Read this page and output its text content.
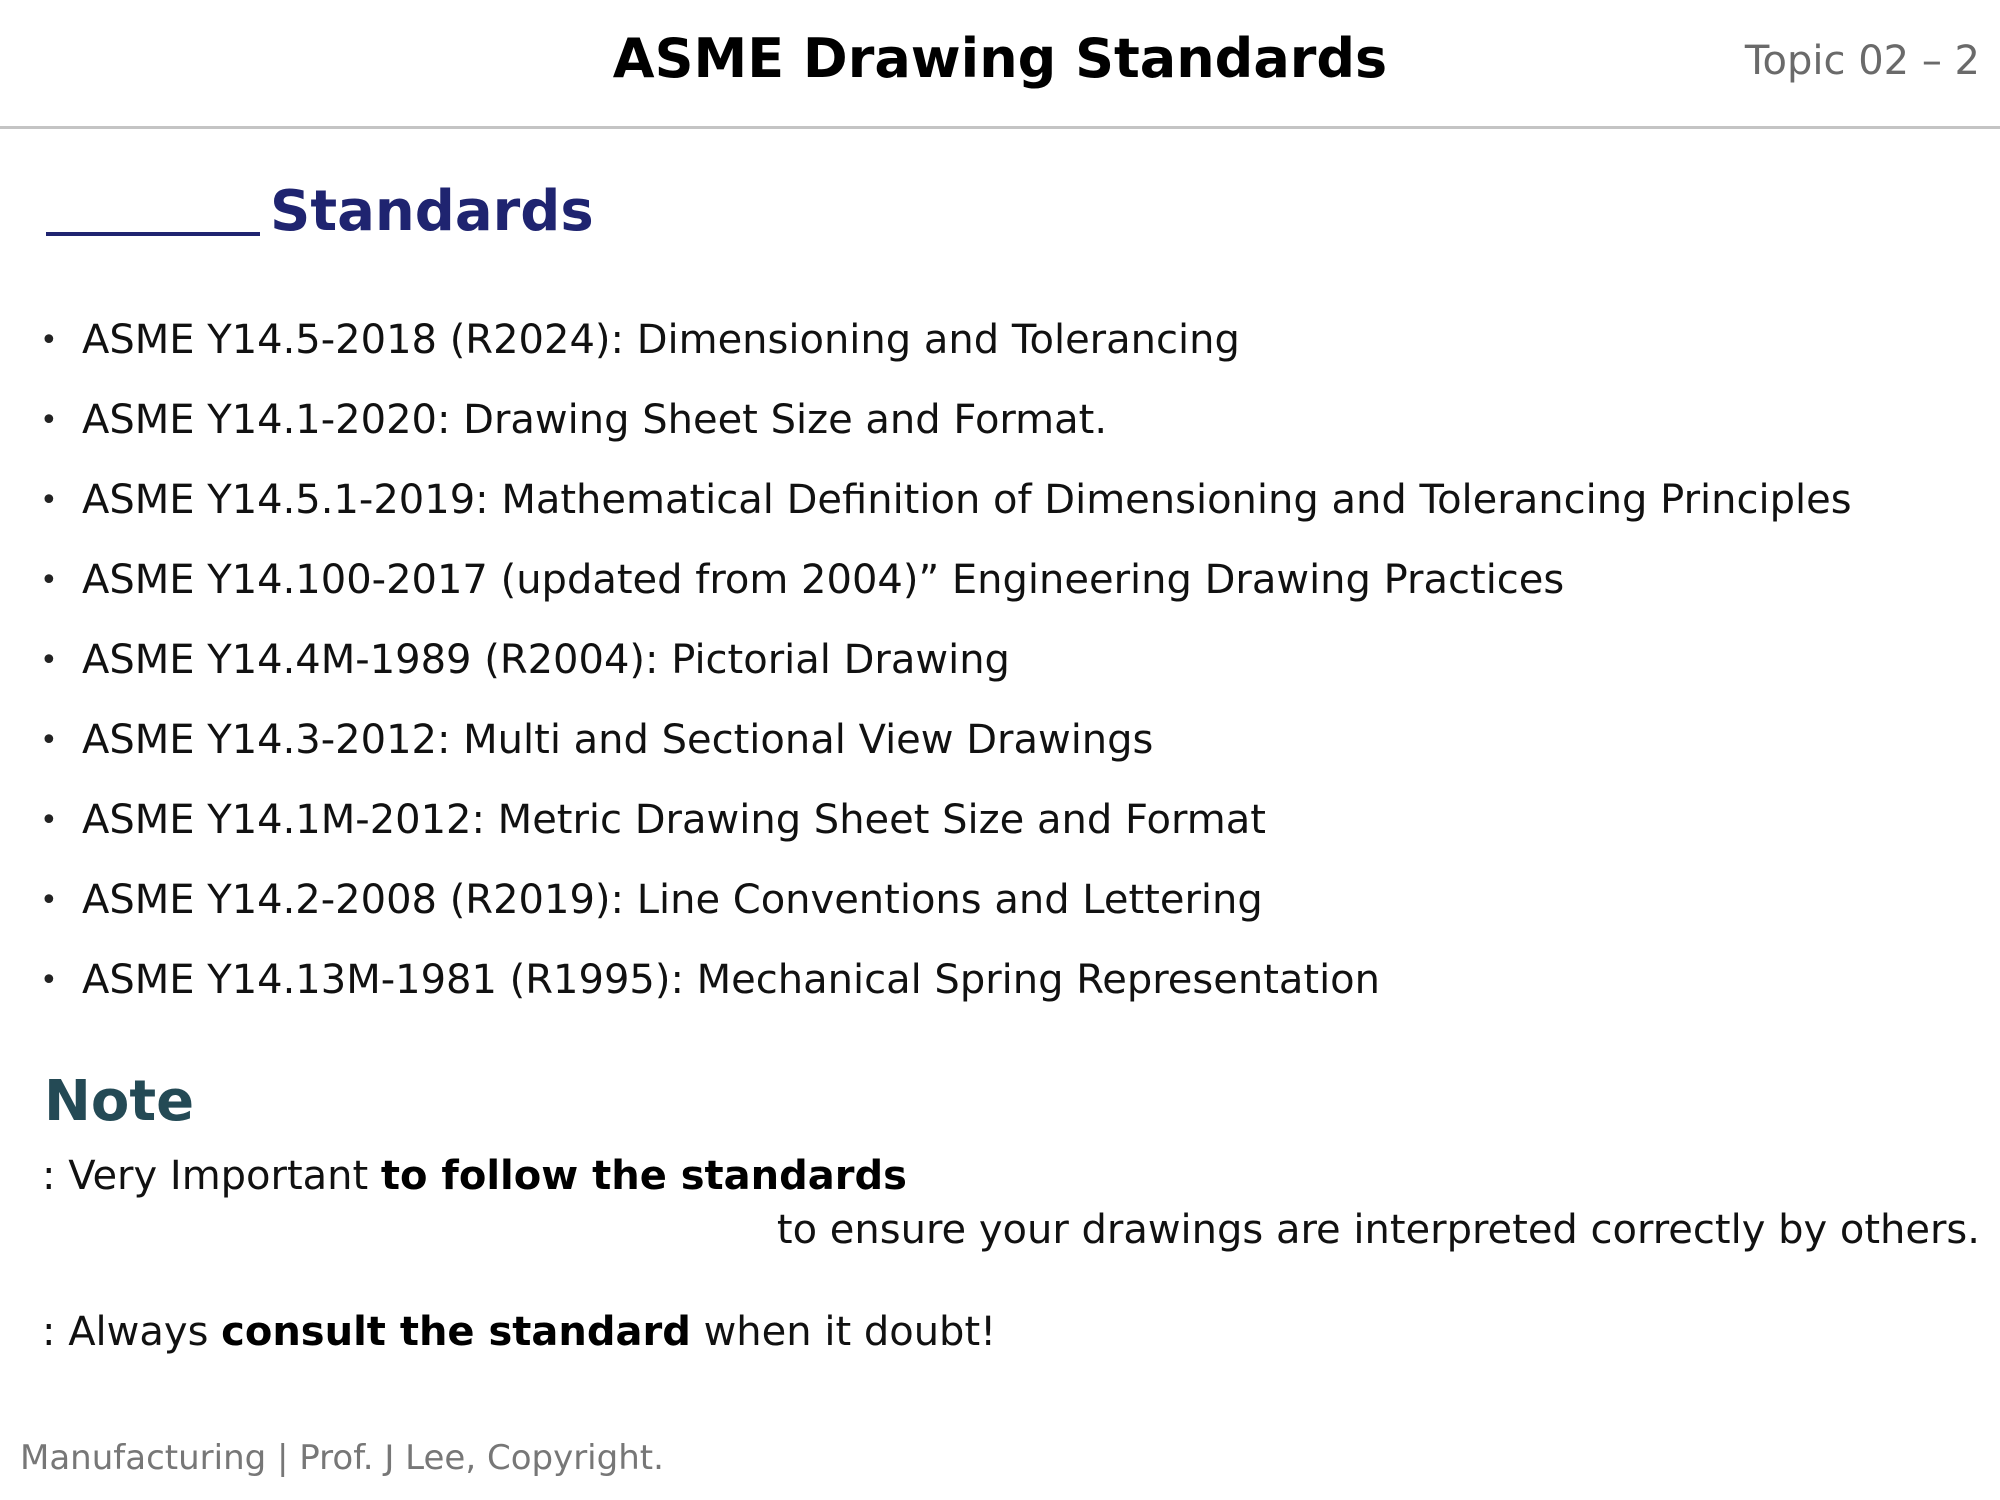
ASME Drawing Standards	Topic 02 – 2
Standards
• ASME Y14.5-2018 (R2024): Dimensioning and Tolerancing
• ASME Y14.1-2020: Drawing Sheet Size and Format.
• ASME Y14.5.1-2019: Mathematical Definition of Dimensioning and Tolerancing Principles
• ASME Y14.100-2017 (updated from 2004)” Engineering Drawing Practices
• ASME Y14.4M-1989 (R2004): Pictorial Drawing
• ASME Y14.3-2012: Multi and Sectional View Drawings
• ASME Y14.1M-2012: Metric Drawing Sheet Size and Format
• ASME Y14.2-2008 (R2019): Line Conventions and Lettering
• ASME Y14.13M-1981 (R1995): Mechanical Spring Representation
Note
: Very Important to follow the standards
to ensure your drawings are interpreted correctly by others.
: Always consult the standard when it doubt!
Manufacturing | Prof. J Lee, Copyright.
